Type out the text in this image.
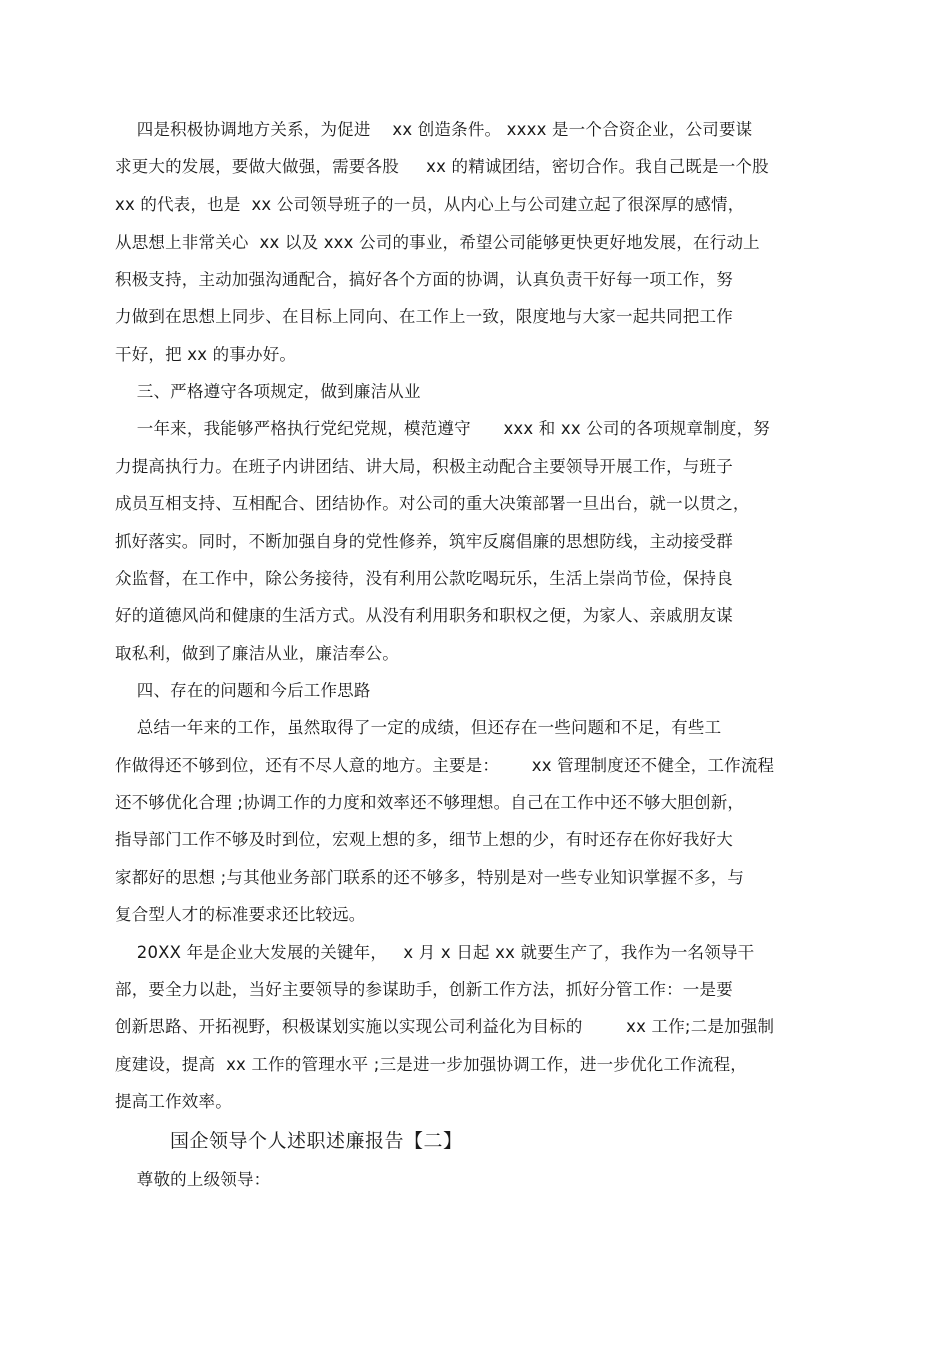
四是积极协调地方关系，为促进    xx 创造条件。 xxxx 是一个合资企业，公司要谋
求更大的发展，要做大做强，需要各股     xx 的精诚团结，密切合作。我自己既是一个股
xx 的代表，也是  xx 公司领导班子的一员，从内心上与公司建立起了很深厚的感情，
从思想上非常关心  xx 以及 xxx 公司的事业，希望公司能够更快更好地发展，在行动上
积极支持，主动加强沟通配合，搞好各个方面的协调，认真负责干好每一项工作，努
力做到在思想上同步、在目标上同向、在工作上一致，限度地与大家一起共同把工作
干好，把 xx 的事办好。
三、严格遵守各项规定，做到廉洁从业
一年来，我能够严格执行党纪党规，模范遵守      xxx 和 xx 公司的各项规章制度，努
力提高执行力。在班子内讲团结、讲大局，积极主动配合主要领导开展工作，与班子
成员互相支持、互相配合、团结协作。对公司的重大决策部署一旦出台，就一以贯之，
抓好落实。同时，不断加强自身的党性修养，筑牢反腐倡廉的思想防线，主动接受群
众监督，在工作中，除公务接待，没有利用公款吃喝玩乐，生活上崇尚节俭，保持良
好的道德风尚和健康的生活方式。从没有利用职务和职权之便，为家人、亲戚朋友谋
取私利，做到了廉洁从业，廉洁奉公。
四、存在的问题和今后工作思路
总结一年来的工作，虽然取得了一定的成绩，但还存在一些问题和不足，有些工
作做得还不够到位，还有不尽人意的地方。主要是：      xx 管理制度还不健全，工作流程
还不够优化合理 ;协调工作的力度和效率还不够理想。自己在工作中还不够大胆创新，
指导部门工作不够及时到位，宏观上想的多，细节上想的少，有时还存在你好我好大
家都好的思想 ;与其他业务部门联系的还不够多，特别是对一些专业知识掌握不多，与
复合型人才的标准要求还比较远。
20XX 年是企业大发展的关键年，   x 月 x 日起 xx 就要生产了，我作为一名领导干
部，要全力以赴，当好主要领导的参谋助手，创新工作方法，抓好分管工作：一是要
创新思路、开拓视野，积极谋划实施以实现公司利益化为目标的        xx 工作;二是加强制
度建设，提高  xx 工作的管理水平 ;三是进一步加强协调工作，进一步优化工作流程，
提高工作效率。
国企领导个人述职述廉报告【二】
尊敬的上级领导：
